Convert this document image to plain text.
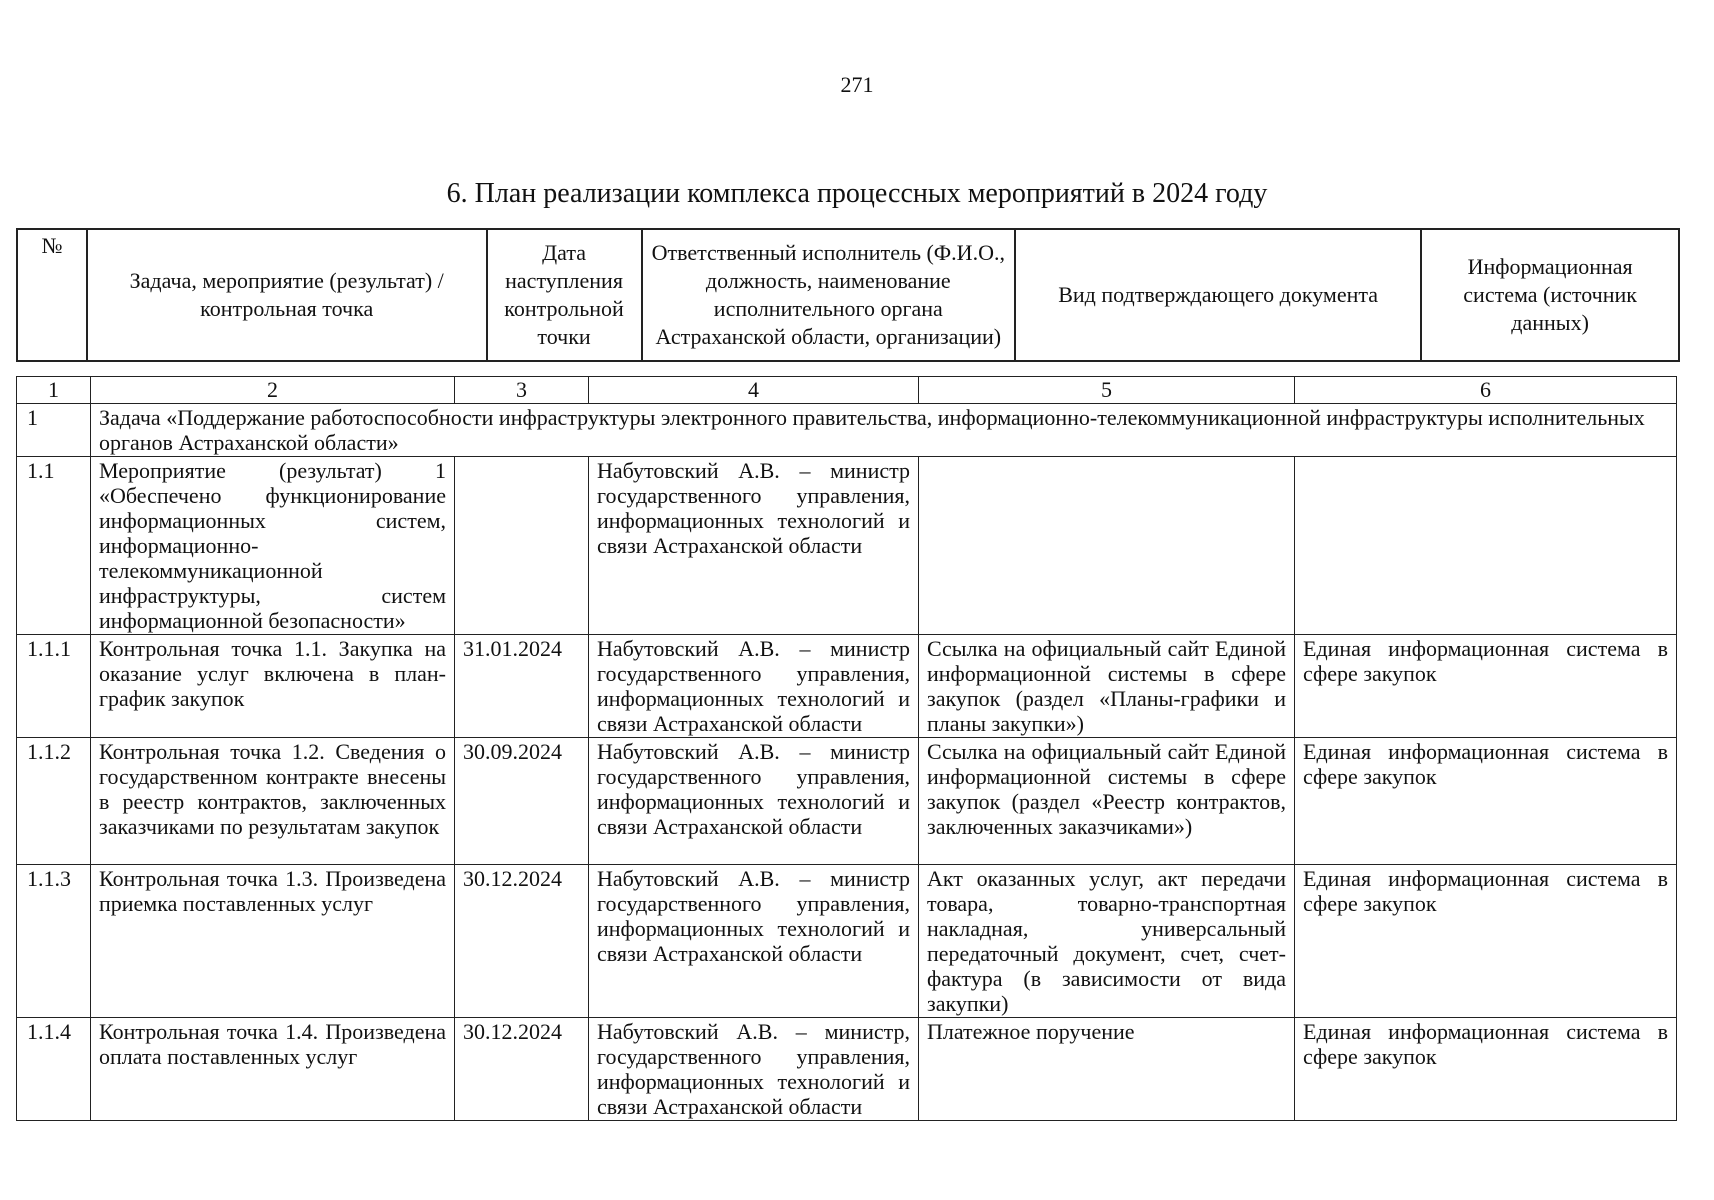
271
6. План реализации комплекса процессных мероприятий в 2024 году
№	Задача, мероприятие (результат) / контрольная точка	Дата наступления контрольной точки	Ответственный исполнитель (Ф.И.О., должность, наименование исполнительного органа Астраханской области, организации)	Вид подтверждающего документа	Информационная система (источник данных)
1	2	3	4	5	6
1	Задача «Поддержание работоспособности инфраструктуры электронного правительства, информационно-телекоммуникационной инфраструктуры исполнительных органов Астраханской области»				
1.1	Мероприятие (результат) 1 «Обеспечено функционирование информационных систем, информационно-телекоммуникационной инфраструктуры, систем информационной безопасности»		Набутовский А.В. – министр государственного управления, информационных технологий и связи Астраханской области		
1.1.1	Контрольная точка 1.1. Закупка на оказание услуг включена в план-график закупок	31.01.2024	Набутовский А.В. – министр государственного управления, информационных технологий и связи Астраханской области	Ссылка на официальный сайт Единой информационной системы в сфере закупок (раздел «Планы-графики и планы закупки»)	Единая информационная система в сфере закупок
1.1.2	Контрольная точка 1.2. Сведения о государственном контракте внесены в реестр контрактов, заключенных заказчиками по результатам закупок	30.09.2024	Набутовский А.В. – министр государственного управления, информационных технологий и связи Астраханской области	Ссылка на официальный сайт Единой информационной системы в сфере закупок (раздел «Реестр контрактов, заключенных заказчиками»)	Единая информационная система в сфере закупок
1.1.3	Контрольная точка 1.3. Произведена приемка поставленных услуг	30.12.2024	Набутовский А.В. – министр государственного управления, информационных технологий и связи Астраханской области	Акт оказанных услуг, акт передачи товара, товарно-транспортная накладная, универсальный передаточный документ, счет, счет-фактура (в зависимости от вида закупки)	Единая информационная система в сфере закупок
1.1.4	Контрольная точка 1.4. Произведена оплата поставленных услуг	30.12.2024	Набутовский А.В. – министр, государственного управления, информационных технологий и связи Астраханской области	Платежное поручение	Единая информационная система в сфере закупок
